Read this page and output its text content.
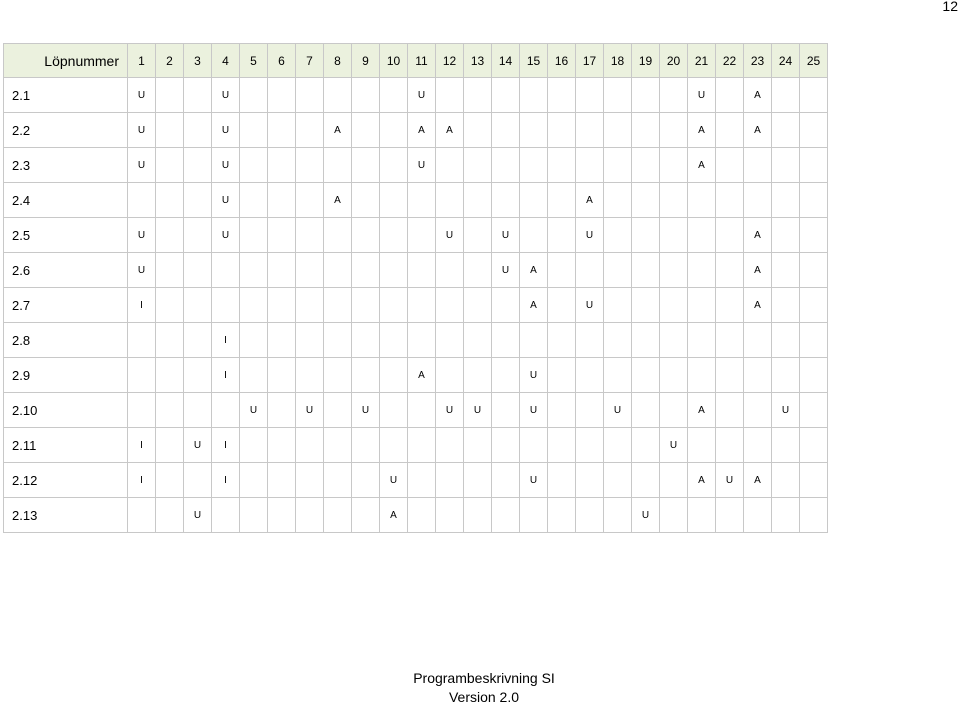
12
Löpnummer	1	2	3	4	5	6	7	8	9	10	11	12	13	14	15	16	17	18	19	20	21	22	23	24	25
2.1	U			U							U										U		A		
2.2	U			U				A			A	A									A		A		
2.3	U			U							U										A				
2.4				U				A									A								
2.5	U			U								U		U			U						A		
2.6	U													U	A								A		
2.7	I														A		U						A		
2.8				I																					
2.9				I							A				U										
2.10					U		U		U			U	U		U			U			A			U	
2.11	I		U	I																U					
2.12	I			I						U					U						A	U	A		
2.13			U							A									U						
Programbeskrivning SI
Version 2.0
